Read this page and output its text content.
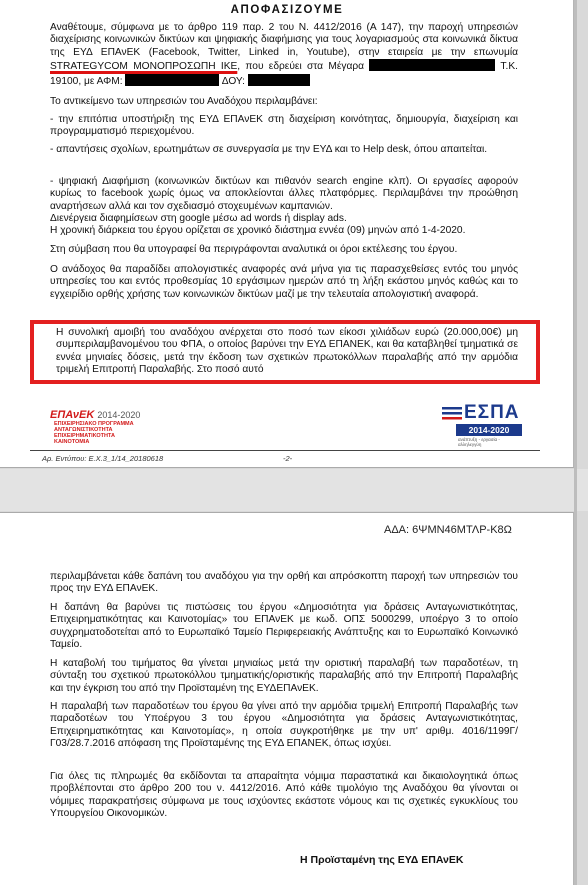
ΑΠΟΦΑΣΙΖΟΥΜΕ

Αναθέτουμε, σύμφωνα με το άρθρο 119 παρ. 2 του Ν. 4412/2016 (Α 147), την παροχή υπηρεσιών διαχείρισης κοινωνικών δικτύων και ψηφιακής διαφήμισης για τους λογαριασμούς στα κοινωνικά δίκτυα της ΕΥΔ ΕΠΑνΕΚ (Facebook, Twitter, Linked in, Youtube), στην εταιρεία με την επωνυμία STRATEGYCOM ΜΟΝΟΠΡΟΣΩΠΗ ΙΚΕ, που εδρεύει στα Μέγαρα	Τ.Κ. 19100, με ΑΦΜ:	ΔΟΥ:

Το αντικείμενο των υπηρεσιών του Αναδόχου περιλαμβάνει:

- την επιτόπια υποστήριξη της ΕΥΔ ΕΠΑνΕΚ στη διαχείριση κοινότητας, δημιουργία, διαχείριση και προγραμματισμό περιεχομένου.

- απαντήσεις σχολίων, ερωτημάτων σε συνεργασία με την ΕΥΔ και το Help desk, όπου απαιτείται.

- ψηφιακή Διαφήμιση (κοινωνικών δικτύων και πιθανόν search engine κλπ). Οι εργασίες αφορούν κυρίως το facebook χωρίς όμως να αποκλείονται άλλες πλατφόρμες. Περιλαμβάνει την προώθηση αναρτήσεων αλλά και τον σχεδιασμό στοχευμένων καμπανιών.

Διενέργεια διαφημίσεων στη google μέσω ad words ή display ads.

Η χρονική διάρκεια του έργου ορίζεται σε χρονικό διάστημα εννέα (09) μηνών από 1-4-2020.

Στη σύμβαση που θα υπογραφεί θα περιγράφονται αναλυτικά οι όροι εκτέλεσης του έργου.

Ο ανάδοχος θα παραδίδει απολογιστικές αναφορές ανά μήνα για τις παρασχεθείσες εντός του μηνός υπηρεσίες του και εντός προθεσμίας 10 εργάσιμων ημερών από τη λήξη εκάστου μηνός καθώς και το εγχειρίδιο ορθής χρήσης των κοινωνικών δικτύων μαζί με την τελευταία απολογιστική αναφορά.

Η συνολική αμοιβή του αναδόχου ανέρχεται στο ποσό των είκοσι χιλιάδων ευρώ (20.000,00€) μη συμπεριλαμβανομένου του ΦΠΑ, ο οποίος βαρύνει την ΕΥΔ ΕΠΑΝΕΚ, και θα καταβληθεί τμηματικά σε εννέα μηνιαίες δόσεις, μετά την έκδοση των σχετικών πρωτοκόλλων παραλαβής από την αρμόδια τριμελή Επιτροπή Παραλαβής. Στο ποσό αυτό

ΕΠΑνΕΚ 2014-2020
ΕΠΙΧΕΙΡΗΣΙΑΚΟ ΠΡΟΓΡΑΜΜΑ
ΑΝΤΑΓΩΝΙΣΤΙΚΟΤΗΤΑ
ΕΠΙΧΕΙΡΗΜΑΤΙΚΟΤΗΤΑ
ΚΑΙΝΟΤΟΜΙΑ
ΕΣΠΑ
2014-2020
ανάπτυξη - εργασία - αλληλεγγύη
Αρ. Εντύπου: Ε.Χ.3_1/14_20180618	-2-
ΑΔΑ: 6ΨΜΝ46ΜΤΛΡ-Κ8Ω

περιλαμβάνεται κάθε δαπάνη του αναδόχου για την ορθή και απρόσκοπτη παροχή των υπηρεσιών του προς την ΕΥΔ ΕΠΑνΕΚ.

Η δαπάνη θα βαρύνει τις πιστώσεις του έργου «Δημοσιότητα για δράσεις Ανταγωνιστικότητας, Επιχειρηματικότητας και Καινοτομίας» του ΕΠΑνΕΚ με κωδ. ΟΠΣ 5000299, υποέργο 3 το οποίο συγχρηματοδοτείται από το Ευρωπαϊκό Ταμείο Περιφερειακής Ανάπτυξης και το Ευρωπαϊκό Κοινωνικό Ταμείο.

Η καταβολή του τιμήματος θα γίνεται μηνιαίως μετά την οριστική παραλαβή των παραδοτέων, τη σύνταξη του σχετικού πρωτοκόλλου τμηματικής/οριστικής παραλαβής από την Επιτροπή Παραλαβής και την έγκριση του από την Προϊσταμένη της ΕΥΔΕΠΑνΕΚ.

Η παραλαβή των παραδοτέων του έργου θα γίνει από την αρμόδια τριμελή Επιτροπή Παραλαβής των παραδοτέων του Υποέργου 3 του έργου «Δημοσιότητα για δράσεις Ανταγωνιστικότητας, Επιχειρηματικότητας και Καινοτομίας», η οποία συγκροτήθηκε με την υπ' αριθμ. 4016/1199Γ/Γ03/28.7.2016 απόφαση της Προϊσταμένης της ΕΥΔ ΕΠΑΝΕΚ, όπως ισχύει.

Για όλες τις πληρωμές θα εκδίδονται τα απαραίτητα νόμιμα παραστατικά και δικαιολογητικά όπως προβλέπονται στο άρθρο 200 του ν. 4412/2016. Από κάθε τιμολόγιο της Αναδόχου θα γίνονται οι νόμιμες παρακρατήσεις σύμφωνα με τους ισχύοντες εκάστοτε νόμους και τις σχετικές εγκυκλίους του Υπουργείου Οικονομικών.

Η Προϊσταμένη της ΕΥΔ ΕΠΑνΕΚ
